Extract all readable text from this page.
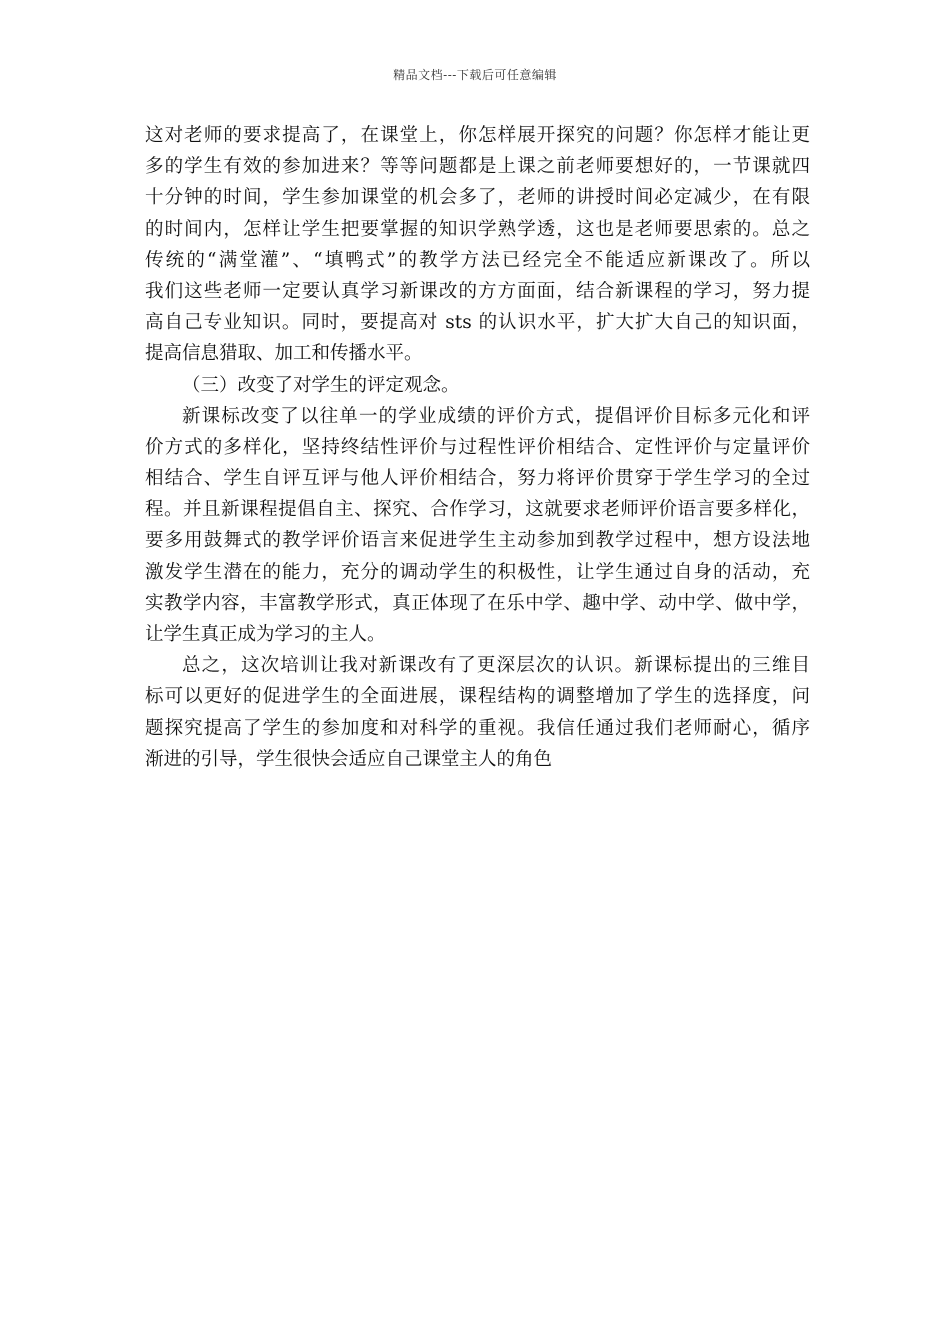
精品文档---下载后可任意编辑
这对老师的要求提高了，在课堂上，你怎样展开探究的问题？你怎样才能让更
多的学生有效的参加进来？等等问题都是上课之前老师要想好的，一节课就四
十分钟的时间，学生参加课堂的机会多了，老师的讲授时间必定减少，在有限
的时间内，怎样让学生把要掌握的知识学熟学透，这也是老师要思索的。总之
传统的“满堂灌”、“填鸭式”的教学方法已经完全不能适应新课改了。所以
我们这些老师一定要认真学习新课改的方方面面，结合新课程的学习，努力提
高自己专业知识。同时，要提高对 sts 的认识水平，扩大扩大自己的知识面，
提高信息猎取、加工和传播水平。
（三）改变了对学生的评定观念。
新课标改变了以往单一的学业成绩的评价方式，提倡评价目标多元化和评
价方式的多样化，坚持终结性评价与过程性评价相结合、定性评价与定量评价
相结合、学生自评互评与他人评价相结合，努力将评价贯穿于学生学习的全过
程。并且新课程提倡自主、探究、合作学习，这就要求老师评价语言要多样化，
要多用鼓舞式的教学评价语言来促进学生主动参加到教学过程中，想方设法地
激发学生潜在的能力，充分的调动学生的积极性，让学生通过自身的活动，充
实教学内容，丰富教学形式，真正体现了在乐中学、趣中学、动中学、做中学，
让学生真正成为学习的主人。
总之，这次培训让我对新课改有了更深层次的认识。新课标提出的三维目
标可以更好的促进学生的全面进展，课程结构的调整增加了学生的选择度，问
题探究提高了学生的参加度和对科学的重视。我信任通过我们老师耐心，循序
渐进的引导，学生很快会适应自己课堂主人的角色
